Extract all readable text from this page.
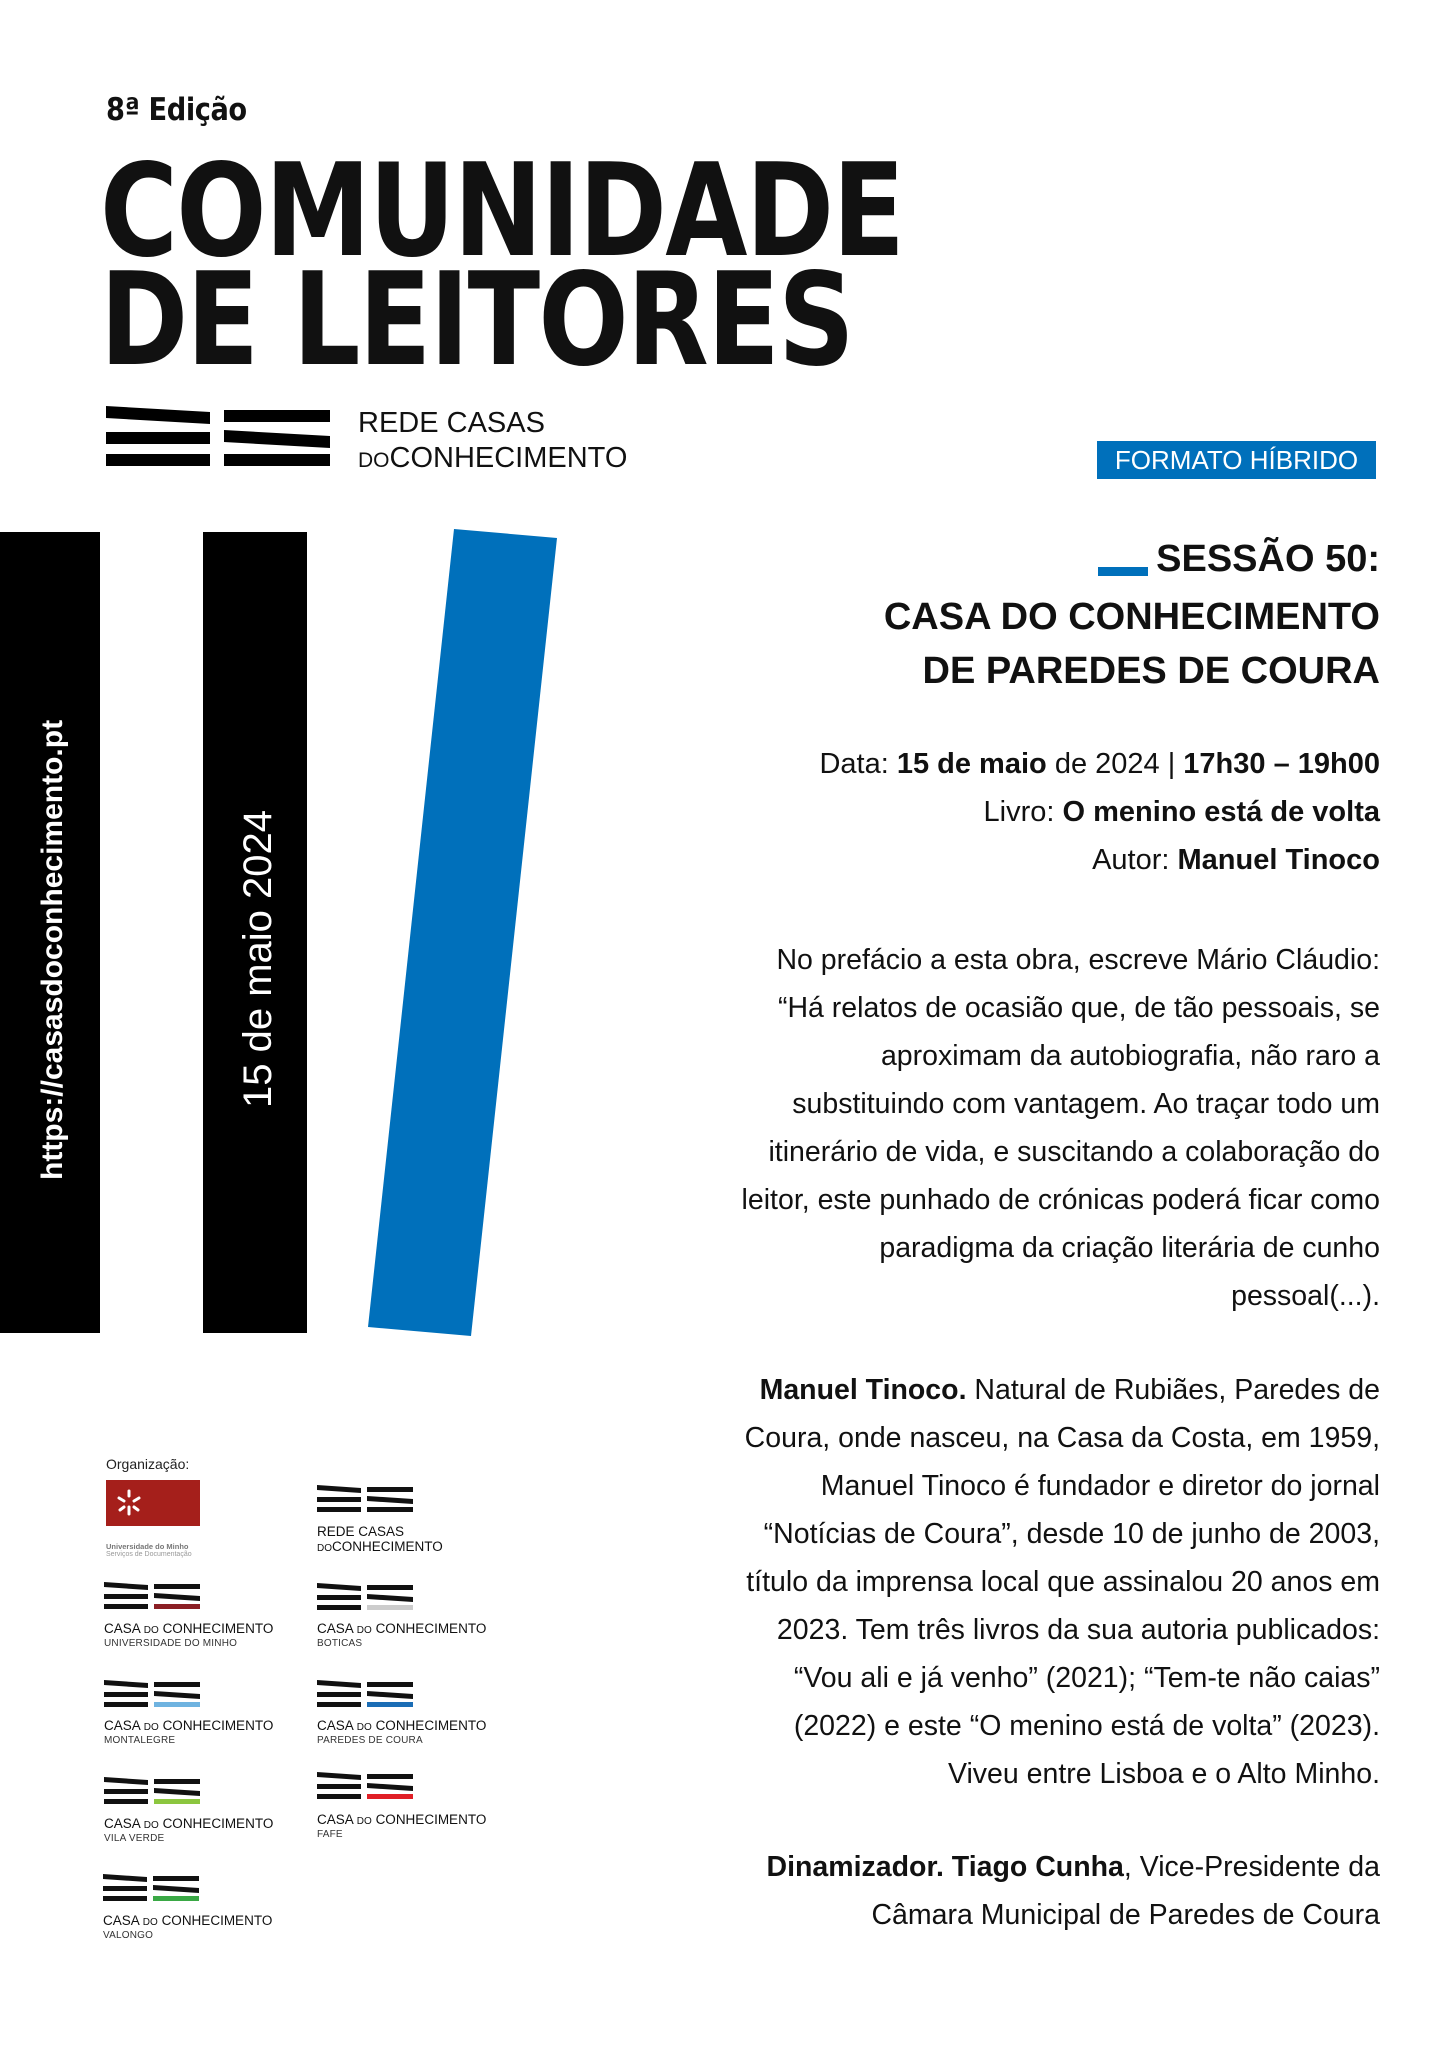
8ª Edição
COMUNIDADE
DE LEITORES
REDE CASAS
DOCONHECIMENTO	FORMATO HÍBRIDO
SESSÃO 50:
CASA DO CONHECIMENTO
DE PAREDES DE COURA
Data: 15 de maio de 2024 | 17h30 – 19h00
Livro: O menino está de volta
Autor: Manuel Tinoco
No prefácio a esta obra, escreve Mário Cláudio:
“Há relatos de ocasião que, de tão pessoais, se
aproximam da autobiografia, não raro a
substituindo com vantagem. Ao traçar todo um
itinerário de vida, e suscitando a colaboração do
leitor, este punhado de crónicas poderá ficar como
paradigma da criação literária de cunho
pessoal(...).
Manuel Tinoco. Natural de Rubiães, Paredes de
Coura, onde nasceu, na Casa da Costa, em 1959,
Manuel Tinoco é fundador e diretor do jornal
“Notícias de Coura”, desde 10 de junho de 2003,
título da imprensa local que assinalou 20 anos em
2023. Tem três livros da sua autoria publicados:
“Vou ali e já venho” (2021); “Tem-te não caias”
(2022) e este “O menino está de volta” (2023).
Viveu entre Lisboa e o Alto Minho.
Dinamizador. Tiago Cunha, Vice-Presidente da
Câmara Municipal de Paredes de Coura
https://casasdoconhecimento.pt	15 de maio 2024
Organização:
Universidade do Minho
Serviços de Documentação
REDE CASAS
DOCONHECIMENTO
CASA DO CONHECIMENTO
UNIVERSIDADE DO MINHO
CASA DO CONHECIMENTO
BOTICAS
CASA DO CONHECIMENTO
MONTALEGRE
CASA DO CONHECIMENTO
PAREDES DE COURA
CASA DO CONHECIMENTO
VILA VERDE
CASA DO CONHECIMENTO
FAFE
CASA DO CONHECIMENTO
VALONGO
